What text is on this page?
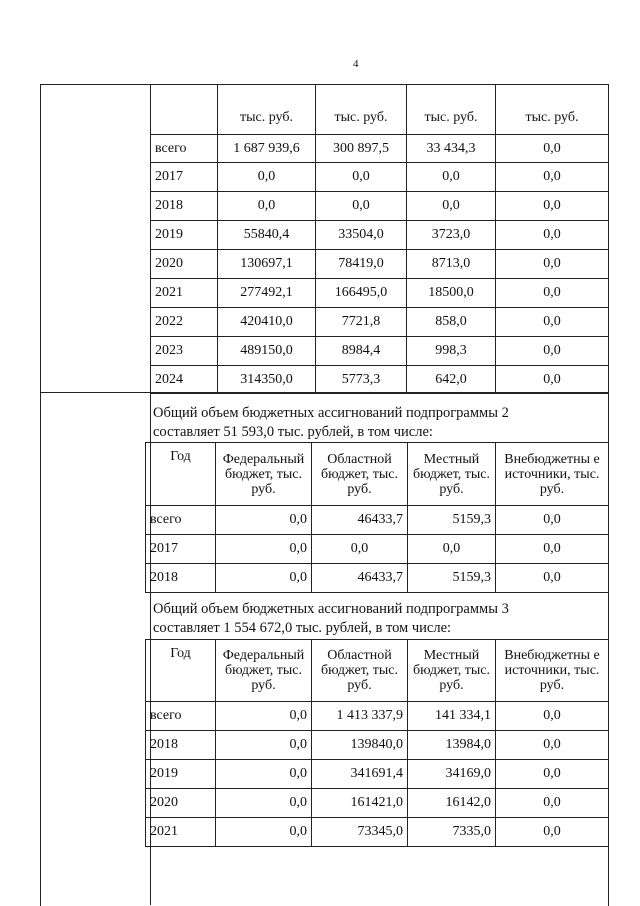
4
	тыс. руб.	тыс. руб.	тыс. руб.	тыс. руб.
всего	1 687 939,6	300 897,5	33 434,3	0,0
2017	0,0	0,0	0,0	0,0
2018	0,0	0,0	0,0	0,0
2019	55840,4	33504,0	3723,0	0,0
2020	130697,1	78419,0	8713,0	0,0
2021	277492,1	166495,0	18500,0	0,0
2022	420410,0	7721,8	858,0	0,0
2023	489150,0	8984,4	998,3	0,0
2024	314350,0	5773,3	642,0	0,0
Общий объем бюджетных ассигнований подпрограммы 2
составляет 51 593,0 тыс. рублей, в том числе:
Год	Федеральный бюджет, тыс. руб.	Областной бюджет, тыс. руб.	Местный бюджет, тыс. руб.	Внебюджетны е источники, тыс. руб.
всего	0,0	46433,7	5159,3	0,0
2017	0,0	0,0	0,0	0,0
2018	0,0	46433,7	5159,3	0,0
Общий объем бюджетных ассигнований подпрограммы 3
составляет 1 554 672,0 тыс. рублей, в том числе:
Год	Федеральный бюджет, тыс. руб.	Областной бюджет, тыс. руб.	Местный бюджет, тыс. руб.	Внебюджетны е источники, тыс. руб.
всего	0,0	1 413 337,9	141 334,1	0,0
2018	0,0	139840,0	13984,0	0,0
2019	0,0	341691,4	34169,0	0,0
2020	0,0	161421,0	16142,0	0,0
2021	0,0	73345,0	7335,0	0,0
